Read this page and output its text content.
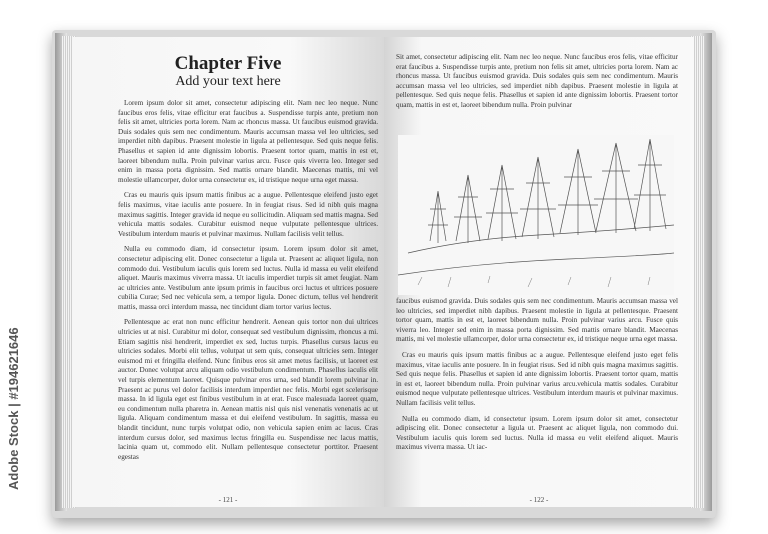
Chapter Five
Add your text here

Lorem ipsum dolor sit amet, consectetur adipiscing elit. Nam nec leo neque. Nunc faucibus eros felis, vitae efficitur erat faucibus a. Suspendisse turpis ante, pretium non felis sit amet, ultricies porta lorem. Nam ac rhoncus massa. Ut faucibus euismod gravida. Duis sodales quis sem nec condimentum. Mauris accumsan massa vel leo ultricies, sed imperdiet nibh dapibus. Praesent molestie in ligula at pellentesque. Sed quis neque felis. Phasellus et sapien id ante dignissim lobortis. Praesent tortor quam, mattis in est et, laoreet bibendum nulla. Proin pulvinar varius arcu. Fusce quis viverra leo. Integer sed enim in massa porta dignissim. Sed mattis ornare blandit. Maecenas mattis, mi vel molestie ullamcorper, dolor urna consectetur ex, id tristique neque urna eget massa.

Cras eu mauris quis ipsum mattis finibus ac a augue. Pellentesque eleifend justo eget felis maximus, vitae iaculis ante posuere. In in feugiat risus. Sed id nibh quis magna maximus sagittis. Integer gravida id neque eu sollicitudin. Aliquam sed mattis magna. Sed vehicula mattis sodales. Curabitur euismod neque vulputate pellentesque ultrices. Vestibulum interdum mauris et pulvinar maximus. Nullam facilisis velit tellus.

Nulla eu commodo diam, id consectetur ipsum. Lorem ipsum dolor sit amet, consectetur adipiscing elit. Donec consectetur a ligula ut. Praesent ac aliquet ligula, non commodo dui. Vestibulum iaculis quis lorem sed luctus. Nulla id massa eu velit eleifend aliquet. Mauris maximus viverra massa. Ut iaculis imperdiet turpis sit amet feugiat. Nam ac ultricies ante. Vestibulum ante ipsum primis in faucibus orci luctus et ultrices posuere cubilia Curae; Sed nec vehicula sem, a tempor ligula. Donec dictum, tellus vel hendrerit mattis, massa orci interdum massa, nec tincidunt diam tortor varius lectus.

Pellentesque ac erat non nunc efficitur hendrerit. Aenean quis tortor non dui ultrices ultricies ut at nisl. Curabitur mi dolor, consequat sed vestibulum dignissim, rhoncus a mi. Etiam sagittis nisi hendrerit, imperdiet ex sed, luctus turpis. Phasellus cursus lacus eu ultricies sodales. Morbi elit tellus, volutpat ut sem quis, consequat ultricies sem. Integer euismod mi et fringilla eleifend. Nunc finibus eros sit amet metus facilisis, ut laoreet est auctor. Donec volutpat arcu aliquam odio vestibulum condimentum. Phasellus iaculis elit vel turpis elementum laoreet. Quisque pulvinar eros urna, sed blandit lorem pulvinar in. Praesent ac purus vel dolor facilisis interdum imperdiet nec felis. Morbi eget scelerisque massa. In id ligula eget est finibus vestibulum in at erat. Fusce malesuada laoreet quam, eu condimentum nulla pharetra in. Aenean mattis nisl quis nisl venenatis venenatis ac ut ligula. Aliquam condimentum massa et dui eleifend vestibulum. In sagittis, massa eu blandit tincidunt, nunc turpis volutpat odio, non vehicula sapien enim ac lacus. Cras interdum cursus dolor, sed maximus lectus fringilla eu. Suspendisse nec lacus mattis, lacinia quam ut, commodo elit. Nullam pellentesque consectetur porttitor. Praesent egestas

- 121 -

Sit amet, consectetur adipiscing elit. Nam nec leo neque. Nunc faucibus eros felis, vitae efficitur erat faucibus a. Suspendisse turpis ante, pretium non felis sit amet, ultricies porta lorem. Nam ac rhoncus massa. Ut faucibus euismod gravida. Duis sodales quis sem nec condimentum. Mauris accumsan massa vel leo ultricies, sed imperdiet nibh dapibus. Praesent molestie in ligula at pellentesque. Sed quis neque felis. Phasellus et sapien id ante dignissim lobortis. Praesent tortor quam, mattis in est et, laoreet bibendum nulla. Proin pulvinar

faucibus euismod gravida. Duis sodales quis sem nec condimentum. Mauris accumsan massa vel leo ultricies, sed imperdiet nibh dapibus. Praesent molestie in ligula at pellentesque. Praesent tortor quam, mattis in est et, laoreet bibendum nulla. Proin pulvinar varius arcu. Fusce quis viverra leo. Integer sed enim in massa porta dignissim. Sed mattis ornare blandit. Maecenas mattis, mi vel molestie ullamcorper, dolor urna consectetur ex, id tristique neque urna eget massa.

Cras eu mauris quis ipsum mattis finibus ac a augue. Pellentesque eleifend justo eget felis maximus, vitae iaculis ante posuere. In in feugiat risus. Sed id nibh quis magna maximus sagittis. Sed quis neque felis. Phasellus et sapien id ante dignissim lobortis. Praesent tortor quam, mattis in est et, laoreet bibendum nulla. Proin pulvinar varius arcu.vehicula mattis sodales. Curabitur euismod neque vulputate pellentesque ultrices. Vestibulum interdum mauris et pulvinar maximus. Nullam facilisis velit tellus.

Nulla eu commodo diam, id consectetur ipsum. Lorem ipsum dolor sit amet, consectetur adipiscing elit. Donec consectetur a ligula ut. Praesent ac aliquet ligula, non commodo dui. Vestibulum iaculis quis lorem sed luctus. Nulla id massa eu velit eleifend aliquet. Mauris maximus viverra massa. Ut iac-

- 122 -
Adobe Stock | #194621646
